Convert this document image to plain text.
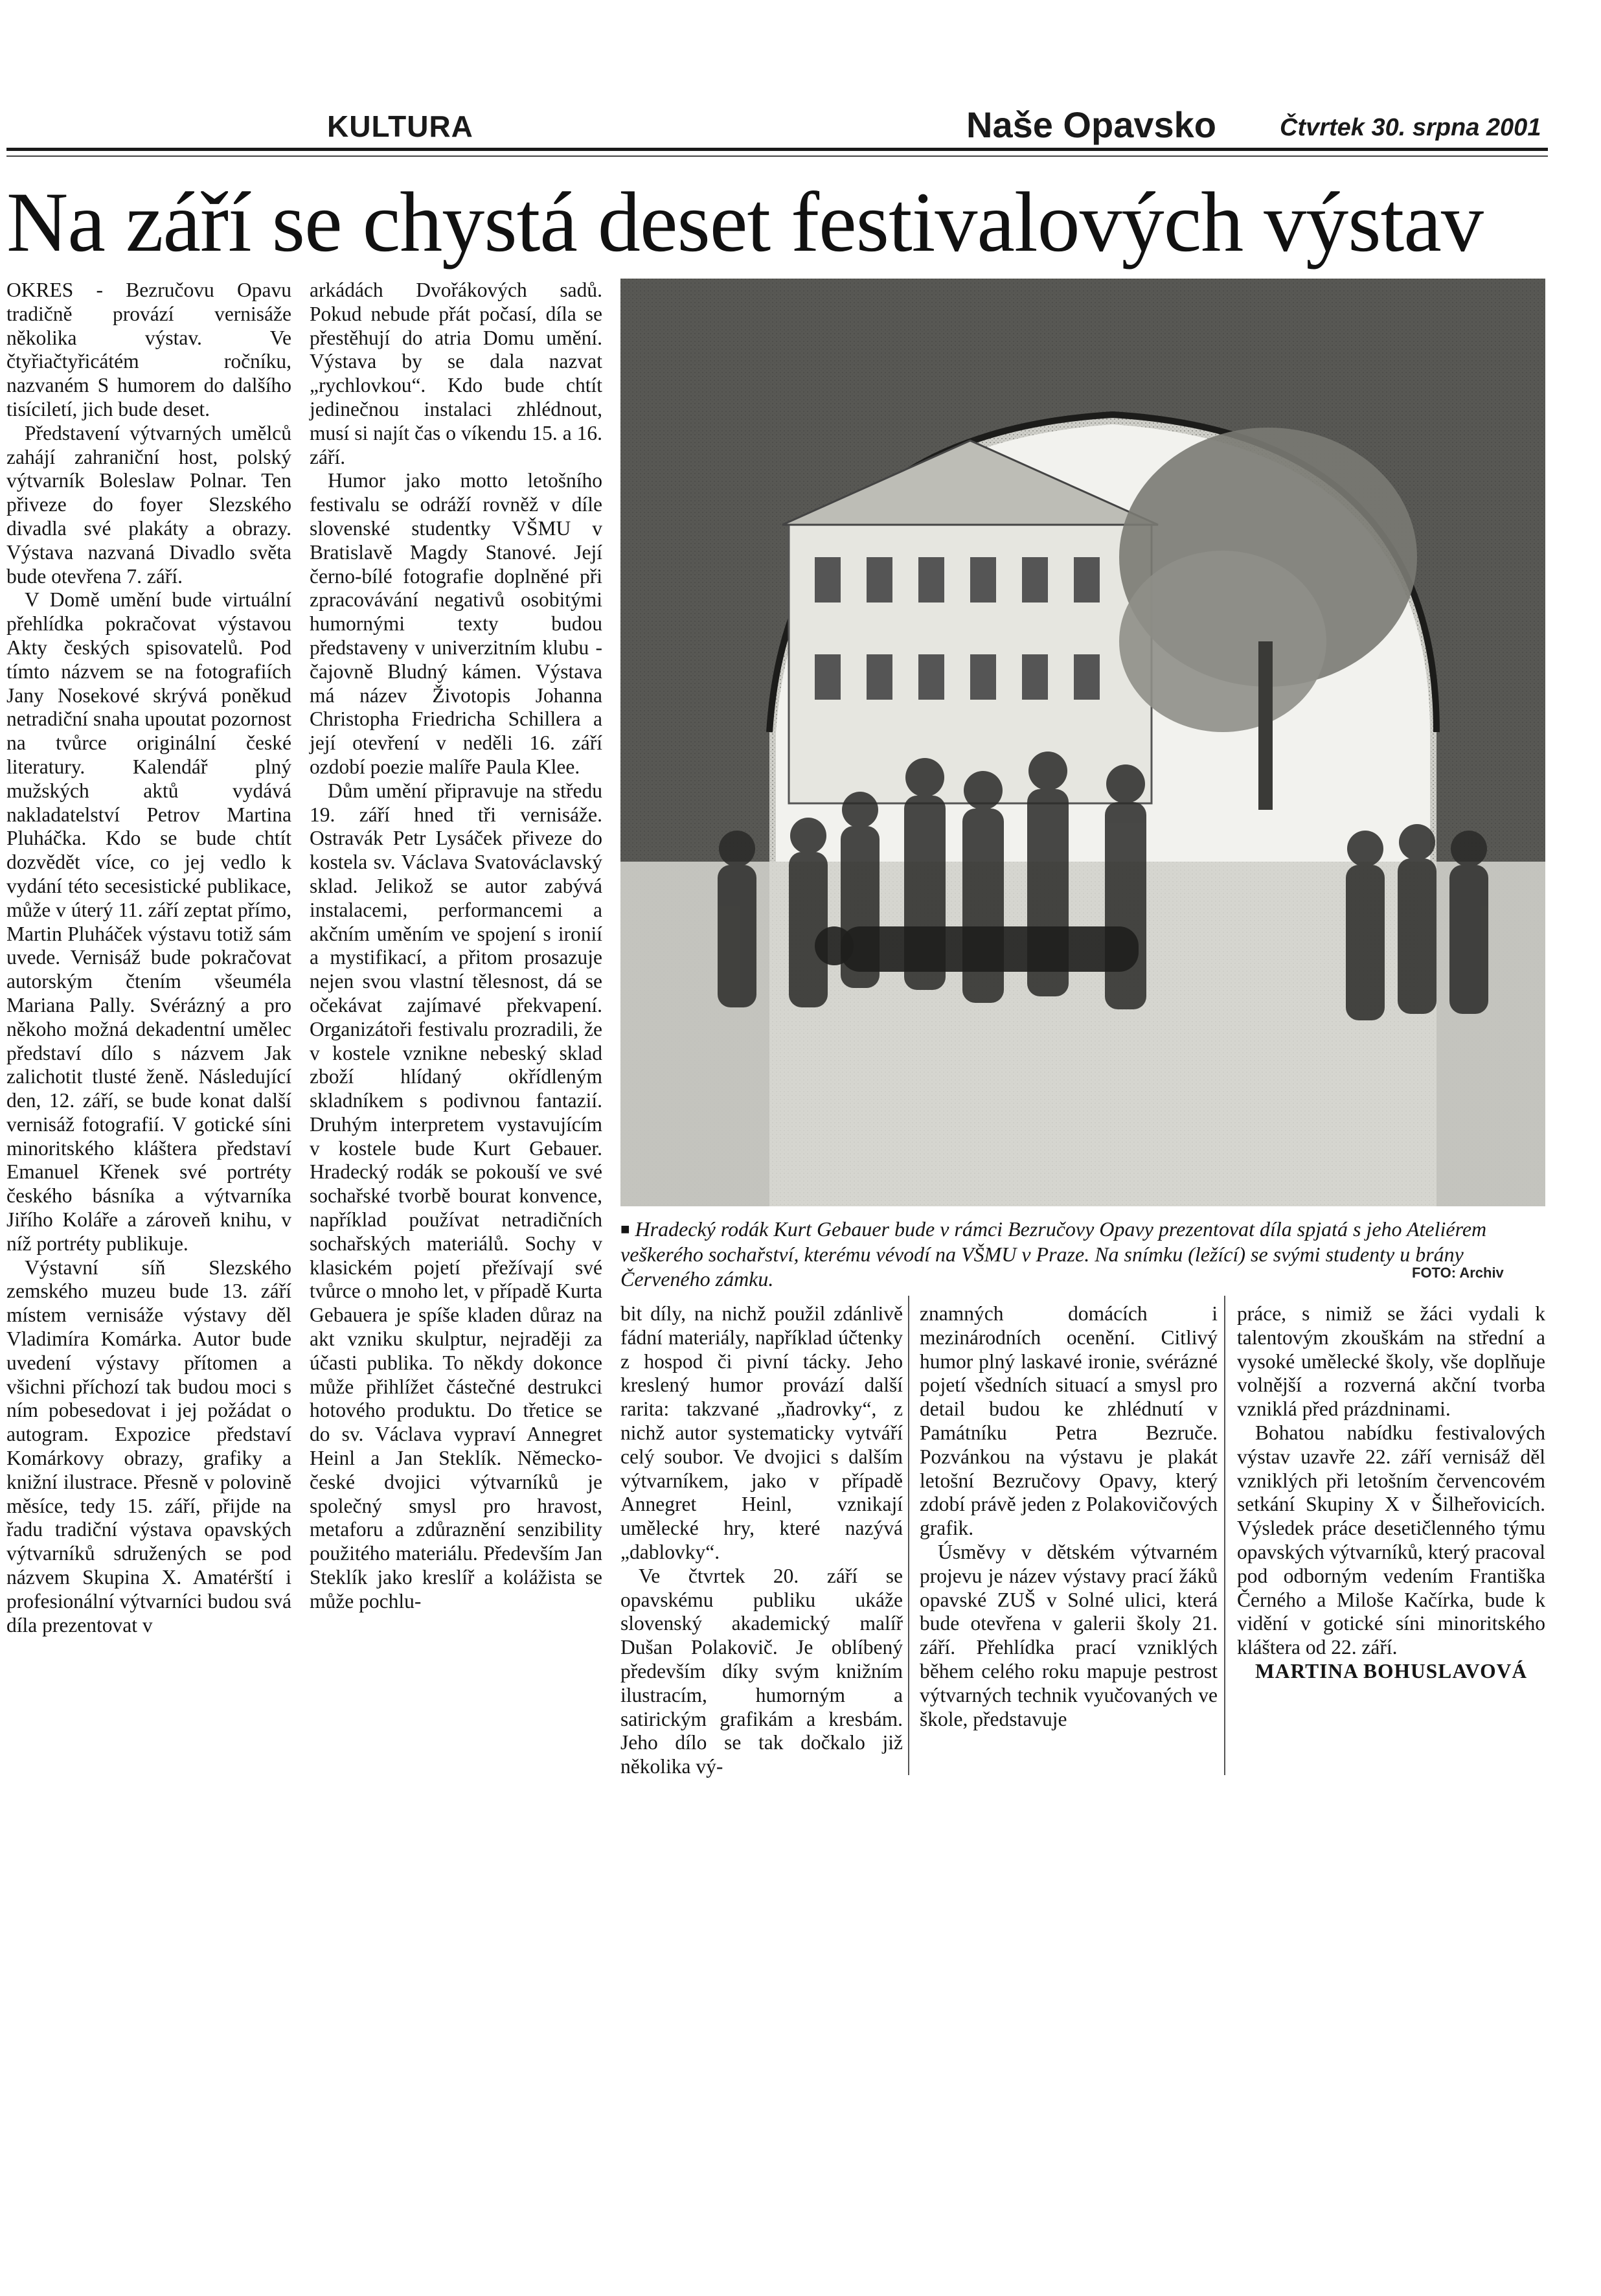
KULTURA	Naše Opavsko	Čtvrtek 30. srpna 2001
Na září se chystá deset festivalových výstav

OKRES - Bezručovu Opavu tradičně provází vernisáže několika výstav. Ve čtyřiačtyřicátém ročníku, nazvaném S humorem do dalšího tisíciletí, jich bude deset.

Představení výtvarných umělců zahájí zahraniční host, polský výtvarník Boleslaw Polnar. Ten přiveze do foyer Slezského divadla své plakáty a obrazy. Výstava nazvaná Divadlo světa bude otevřena 7. září.

V Domě umění bude virtuální přehlídka pokračovat výstavou Akty českých spisovatelů. Pod tímto názvem se na fotografiích Jany Nosekové skrývá poněkud netradiční snaha upoutat pozornost na tvůrce originální české literatury. Kalendář plný mužských aktů vydává nakladatelství Petrov Martina Pluháčka. Kdo se bude chtít dozvědět více, co jej vedlo k vydání této secesistické publikace, může v úterý 11. září zeptat přímo, Martin Pluháček výstavu totiž sám uvede. Vernisáž bude pokračovat autorským čtením všeuméla Mariana Pally. Svérázný a pro někoho možná dekadentní umělec představí dílo s názvem Jak zalichotit tlusté ženě. Následující den, 12. září, se bude konat další vernisáž fotografií. V gotické síni minoritského kláštera představí Emanuel Křenek své portréty českého básníka a výtvarníka Jiřího Koláře a zároveň knihu, v níž portréty publikuje.

Výstavní síň Slezského zemského muzeu bude 13. září místem vernisáže výstavy děl Vladimíra Komárka. Autor bude uvedení výstavy přítomen a všichni příchozí tak budou moci s ním pobesedovat i jej požádat o autogram. Expozice představí Komárkovy obrazy, grafiky a knižní ilustrace. Přesně v polovině měsíce, tedy 15. září, přijde na řadu tradiční výstava opavských výtvarníků sdružených se pod názvem Skupina X. Amatérští i profesionální výtvarníci budou svá díla prezentovat v

arkádách Dvořákových sadů. Pokud nebude přát počasí, díla se přestěhují do atria Domu umění. Výstava by se dala nazvat „rychlovkou“. Kdo bude chtít jedinečnou instalaci zhlédnout, musí si najít čas o víkendu 15. a 16. září.

Humor jako motto letošního festivalu se odráží rovněž v díle slovenské studentky VŠMU v Bratislavě Magdy Stanové. Její černo-bílé fotografie doplněné při zpracovávání negativů osobitými humornými texty budou představeny v univerzitním klubu - čajovně Bludný kámen. Výstava má název Životopis Johanna Christopha Friedricha Schillera a její otevření v neděli 16. září ozdobí poezie malíře Paula Klee.

Dům umění připravuje na středu 19. září hned tři vernisáže. Ostravák Petr Lysáček přiveze do kostela sv. Václava Svatováclavský sklad. Jelikož se autor zabývá instalacemi, performancemi a akčním uměním ve spojení s ironií a mystifikací, a přitom prosazuje nejen svou vlastní tělesnost, dá se očekávat zajímavé překvapení. Organizátoři festivalu prozradili, že v kostele vznikne nebeský sklad zboží hlídaný okřídleným skladníkem s podivnou fantazií. Druhým interpretem vystavujícím v kostele bude Kurt Gebauer. Hradecký rodák se pokouší ve své sochařské tvorbě bourat konvence, například používat netradičních sochařských materiálů. Sochy v klasickém pojetí přežívají své tvůrce o mnoho let, v případě Kurta Gebauera je spíše kladen důraz na akt vzniku skulptur, nejraději za účasti publika. To někdy dokonce může přihlížet částečné destrukci hotového produktu. Do třetice se do sv. Václava vypraví Annegret Heinl a Jan Steklík. Německo-české dvojici výtvarníků je společný smysl pro hravost, metaforu a zdůraznění senzibility použitého materiálu. Především Jan Steklík jako kreslíř a kolážista se může pochlu-

■ Hradecký rodák Kurt Gebauer bude v rámci Bezručovy Opavy prezentovat díla spjatá s jeho Ateliérem veškerého sochařství, kterému vévodí na VŠMU v Praze. Na snímku (ležící) se svými studenty u brány Červeného zámku.	FOTO: Archiv

bit díly, na nichž použil zdánlivě fádní materiály, například účtenky z hospod či pivní tácky. Jeho kreslený humor provází další rarita: takzvané „ňadrovky“, z nichž autor systematicky vytváří celý soubor. Ve dvojici s dalším výtvarníkem, jako v případě Annegret Heinl, vznikají umělecké hry, které nazývá „dablovky“.

Ve čtvrtek 20. září se opavskému publiku ukáže slovenský akademický malíř Dušan Polakovič. Je oblíbený především díky svým knižním ilustracím, humorným a satirickým grafikám a kresbám. Jeho dílo se tak dočkalo již několika vý-

znamných domácích i mezinárodních ocenění. Citlivý humor plný laskavé ironie, svérázné pojetí všedních situací a smysl pro detail budou ke zhlédnutí v Památníku Petra Bezruče. Pozvánkou na výstavu je plakát letošní Bezručovy Opavy, který zdobí právě jeden z Polakovičových grafik.

Úsměvy v dětském výtvarném projevu je název výstavy prací žáků opavské ZUŠ v Solné ulici, která bude otevřena v galerii školy 21. září. Přehlídka prací vzniklých během celého roku mapuje pestrost výtvarných technik vyučovaných ve škole, představuje

práce, s nimiž se žáci vydali k talentovým zkouškám na střední a vysoké umělecké školy, vše doplňuje volnější a rozverná akční tvorba vzniklá před prázdninami.

Bohatou nabídku festivalových výstav uzavře 22. září vernisáž děl vzniklých při letošním červencovém setkání Skupiny X v Šilheřovicích. Výsledek práce desetičlenného týmu opavských výtvarníků, který pracoval pod odborným vedením Františka Černého a Miloše Kačírka, bude k vidění v gotické síni minoritského kláštera od 22. září.

MARTINA BOHUSLAVOVÁ
